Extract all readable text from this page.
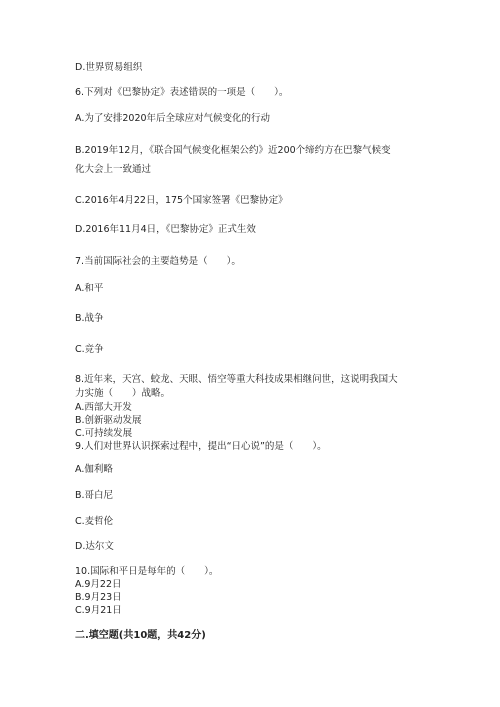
D.世界贸易组织
6.下列对《巴黎协定》表述错误的一项是（　　）。
A.为了安排2020年后全球应对气候变化的行动
B.2019年12月，《联合国气候变化框架公约》近200个缔约方在巴黎气候变
化大会上一致通过
C.2016年4月22日，175个国家签署《巴黎协定》
D.2016年11月4日，《巴黎协定》正式生效
7.当前国际社会的主要趋势是（　　）。
A.和平
B.战争
C.竞争
8.近年来，天宫、蛟龙、天眼、悟空等重大科技成果相继问世，这说明我国大
力实施（　　）战略。
A.西部大开发
B.创新驱动发展
C.可持续发展
9.人们对世界认识探索过程中，提出“日心说”的是（　　）。
A.伽利略
B.哥白尼
C.麦哲伦
D.达尔文
10.国际和平日是每年的（　　）。
A.9月22日
B.9月23日
C.9月21日
二.填空题(共10题，共42分)
